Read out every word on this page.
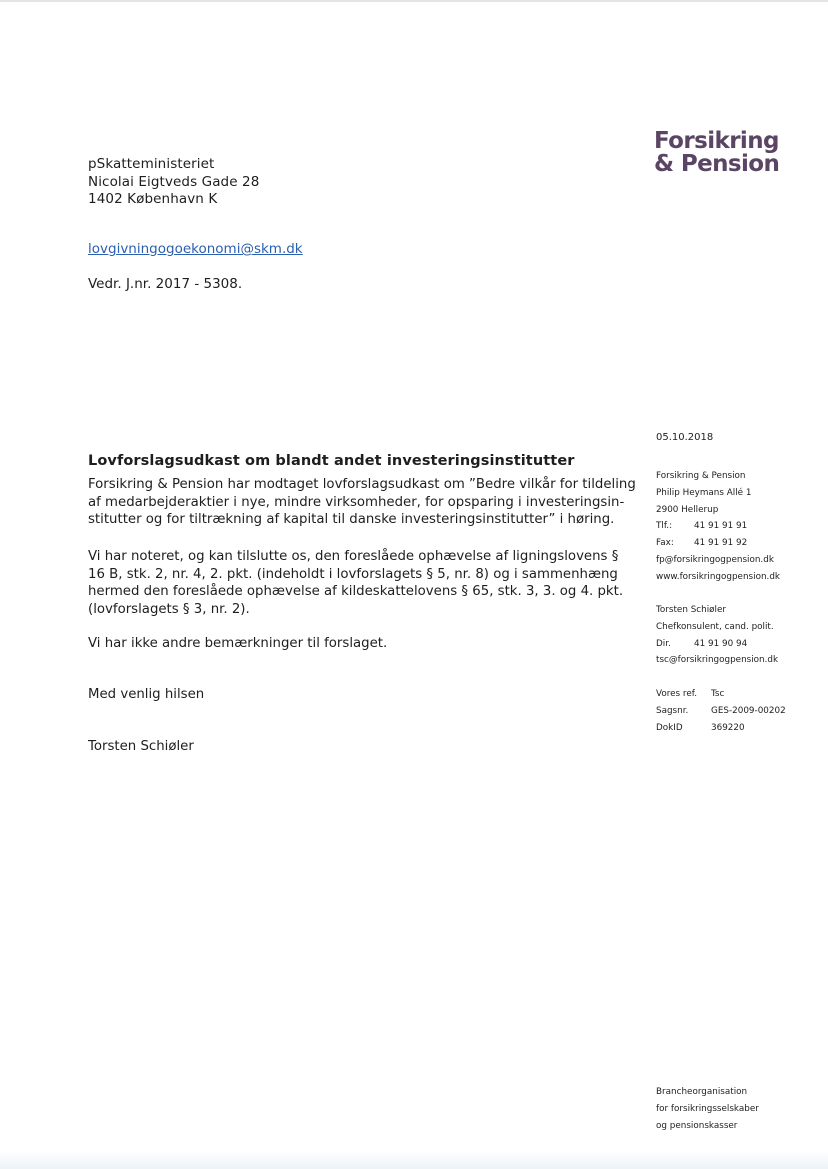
Forsikring
& Pension
pSkatteministeriet
Nicolai Eigtveds Gade 28
1402 København K
lovgivningogoekonomi@skm.dk
Vedr. J.nr. 2017 - 5308.
05.10.2018
Lovforslagsudkast om blandt andet investeringsinstitutter
Forsikring & Pension har modtaget lovforslagsudkast om ”Bedre vilkår for tildeling
af medarbejderaktier i nye, mindre virksomheder, for opsparing i investeringsin-
stitutter og for tiltrækning af kapital til danske investeringsinstitutter” i høring.
Vi har noteret, og kan tilslutte os, den foreslåede ophævelse af ligningslovens §
16 B, stk. 2, nr. 4, 2. pkt. (indeholdt i lovforslagets § 5, nr. 8) og i sammenhæng
hermed den foreslåede ophævelse af kildeskattelovens § 65, stk. 3, 3. og 4. pkt.
(lovforslagets § 3, nr. 2).
Vi har ikke andre bemærkninger til forslaget.
Med venlig hilsen
Torsten Schiøler
Forsikring & Pension
Philip Heymans Allé 1
2900 Hellerup
Tlf.: 41 91 91 91
Fax: 41 91 91 92
fp@forsikringogpension.dk
www.forsikringogpension.dk
Torsten Schiøler
Chefkonsulent, cand. polit.
Dir.	41 91 90 94
tsc@forsikringogpension.dk
Vores ref. Tsc
Sagsnr.	GES-2009-00202
DokID	369220
Brancheorganisation
for forsikringsselskaber
og pensionskasser
